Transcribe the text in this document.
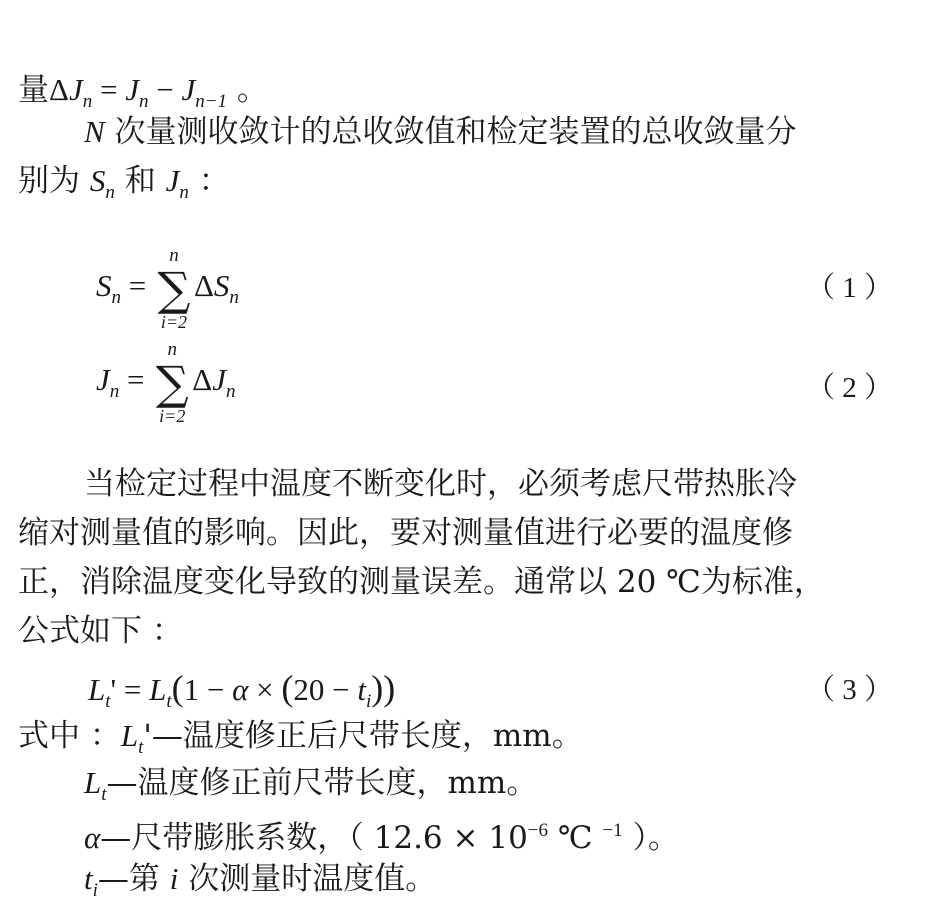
量$\Delta J_n = J_n - J_{n-1}$ 。
N 次量测收敛计的总收敛值和检定装置的总收敛量分
别为 $S_n$ 和 $J_n$ ：
$S_n$ =
n
∑
i=2
$\Delta S_n$	（ 1 ）
$J_n$ =
n
∑
i=2
$\Delta J_n$	（ 2 ）
当检定过程中温度不断变化时，必须考虑尺带热胀冷
缩对测量值的影响。因此，要对测量值进行必要的温度修
正，消除温度变化导致的测量误差。通常以 20 ℃为标准，
公式如下 ：
$L_t' = L_t(1 - \alpha \times (20 - t_i))$	（ 3 ）
式中 ：$L_t'—$温度修正后尺带长度，mm。
$L_t—$温度修正前尺带长度，mm。
α—尺带膨胀系数，（ $12.6 \times 10^{-6}$ ℃ $^{-1}$ ）。
$t_i—$第 i 次测量时温度值。
